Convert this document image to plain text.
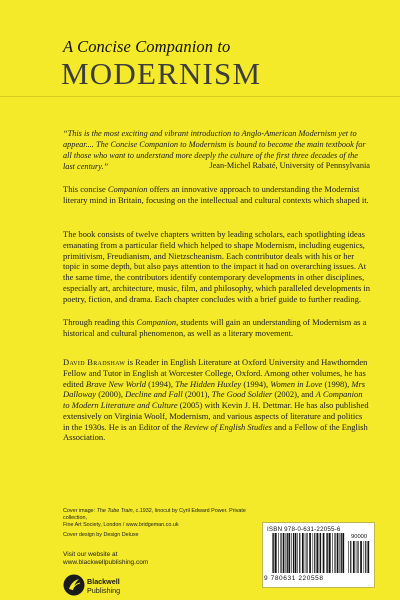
A Concise Companion to
MODERNISM
“This is the most exciting and vibrant introduction to Anglo-American Modernism yet to appear.... The Concise Companion to Modernism is bound to become the main textbook for all those who want to understand more deeply the culture of the first three decades of the last century.”	Jean-Michel Rabaté, University of Pennsylvania
This concise Companion offers an innovative approach to understanding the Modernist literary mind in Britain, focusing on the intellectual and cultural contexts which shaped it.
The book consists of twelve chapters written by leading scholars, each spotlighting ideas emanating from a particular field which helped to shape Modernism, including eugenics, primitivism, Freudianism, and Nietzscheanism. Each contributor deals with his or her topic in some depth, but also pays attention to the impact it had on overarching issues. At the same time, the contributors identify contemporary developments in other disciplines, especially art, architecture, music, film, and philosophy, which paralleled developments in poetry, fiction, and drama. Each chapter concludes with a brief guide to further reading.
Through reading this Companion, students will gain an understanding of Modernism as a historical and cultural phenomenon, as well as a literary movement.
David Bradshaw is Reader in English Literature at Oxford University and Hawthornden Fellow and Tutor in English at Worcester College, Oxford. Among other volumes, he has edited Brave New World (1994), The Hidden Huxley (1994), Women in Love (1998), Mrs Dalloway (2000), Decline and Fall (2001), The Good Soldier (2002), and A Companion to Modern Literature and Culture (2005) with Kevin J. H. Dettmar. He has also published extensively on Virginia Woolf, Modernism, and various aspects of literature and politics in the 1930s. He is an Editor of the Review of English Studies and a Fellow of the English Association.
Cover image: The Tube Train, c.1932, linocut by Cyril Edward Power. Private collection,
Fine Art Society, London / www.bridgeman.co.uk
Cover design by Design Deluxe
Visit our website at
www.blackwellpublishing.com
Blackwell
Publishing
ISBN 978-0-631-22055-6
90000
9 780631 220558
